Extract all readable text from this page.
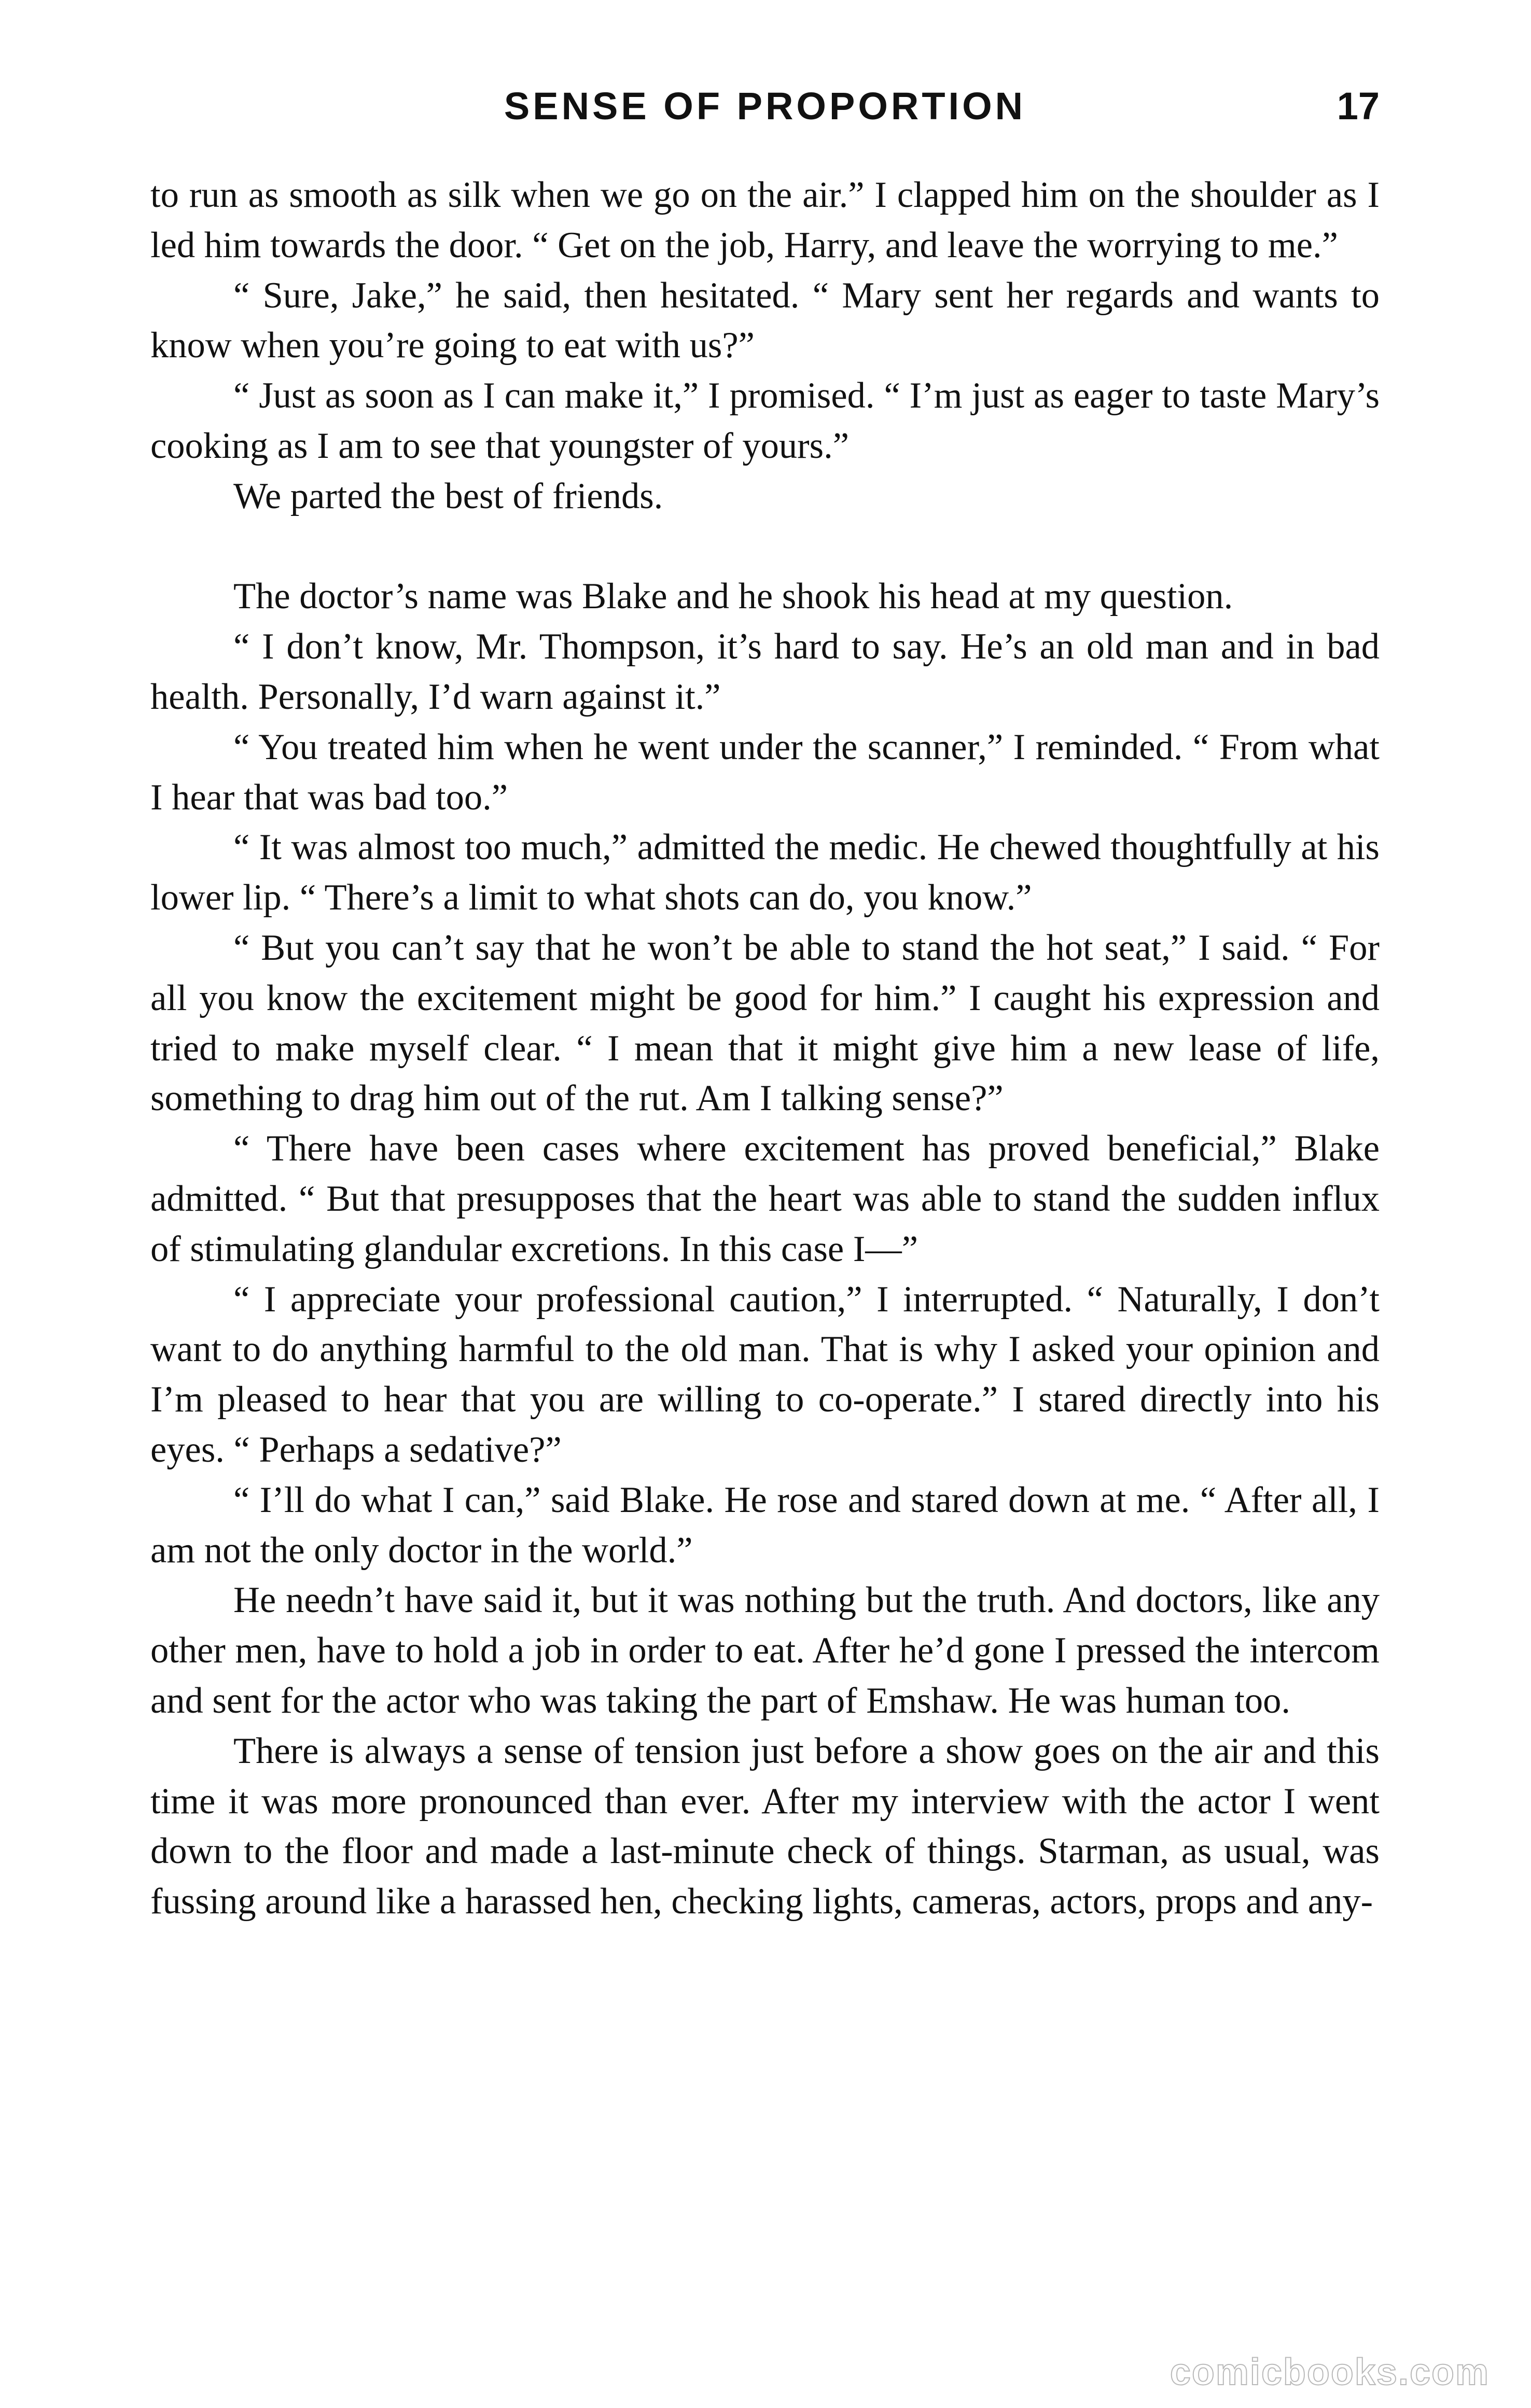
SENSE OF PROPORTION	17

to run as smooth as silk when we go on the air.” I clapped him on the shoulder as I led him towards the door. “ Get on the job, Harry, and leave the worrying to me.”

“ Sure, Jake,” he said, then hesitated. “ Mary sent her regards and wants to know when you’re going to eat with us?”

“ Just as soon as I can make it,” I promised. “ I’m just as eager to taste Mary’s cooking as I am to see that youngster of yours.”

We parted the best of friends.

The doctor’s name was Blake and he shook his head at my question.

“ I don’t know, Mr. Thompson, it’s hard to say. He’s an old man and in bad health. Personally, I’d warn against it.”

“ You treated him when he went under the scanner,” I reminded. “ From what I hear that was bad too.”

“ It was almost too much,” admitted the medic. He chewed thoughtfully at his lower lip. “ There’s a limit to what shots can do, you know.”

“ But you can’t say that he won’t be able to stand the hot seat,” I said. “ For all you know the excitement might be good for him.” I caught his expression and tried to make myself clear. “ I mean that it might give him a new lease of life, something to drag him out of the rut. Am I talking sense?”

“ There have been cases where excitement has proved beneficial,” Blake admitted. “ But that presupposes that the heart was able to stand the sudden influx of stimulating glandular excretions. In this case I—”

“ I appreciate your professional caution,” I interrupted. “ Naturally, I don’t want to do anything harmful to the old man. That is why I asked your opinion and I’m pleased to hear that you are willing to co-operate.” I stared directly into his eyes. “ Perhaps a sedative?”

“ I’ll do what I can,” said Blake. He rose and stared down at me. “ After all, I am not the only doctor in the world.”

He needn’t have said it, but it was nothing but the truth. And doctors, like any other men, have to hold a job in order to eat. After he’d gone I pressed the intercom and sent for the actor who was taking the part of Emshaw. He was human too.

There is always a sense of tension just before a show goes on the air and this time it was more pronounced than ever. After my interview with the actor I went down to the floor and made a last-minute check of things. Starman, as usual, was fussing around like a harassed hen, checking lights, cameras, actors, props and any-

comicbooks.com
